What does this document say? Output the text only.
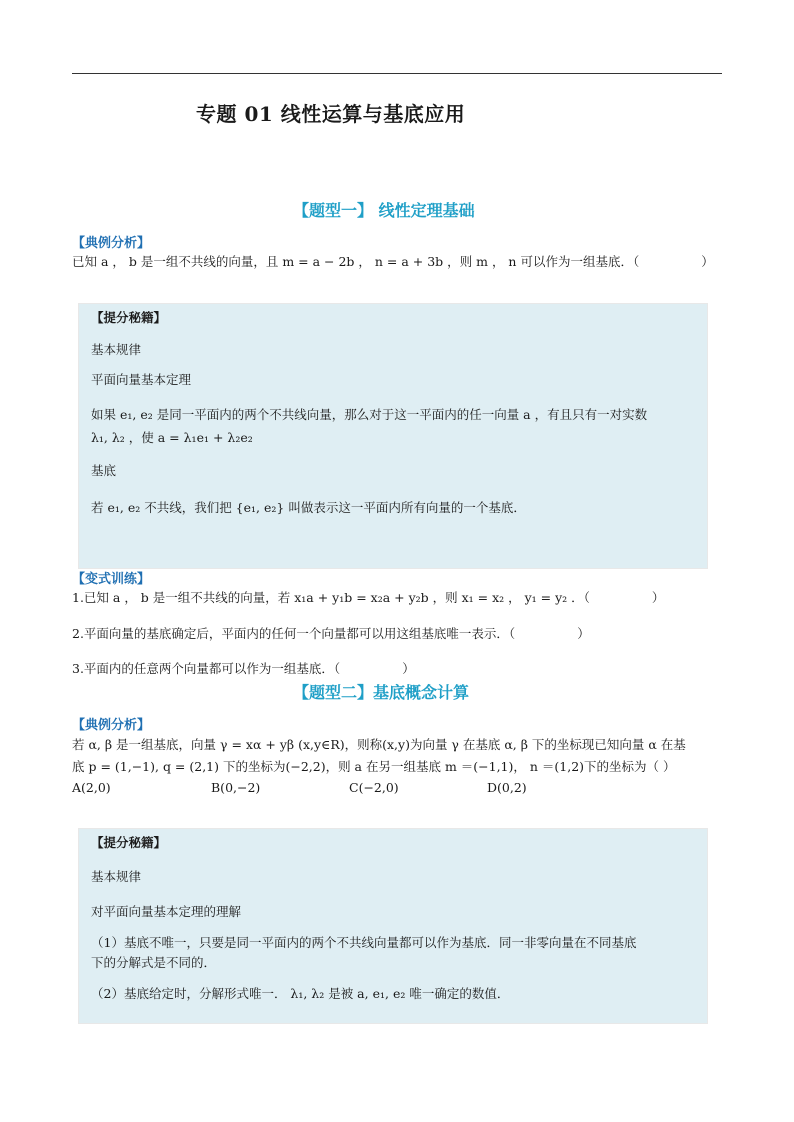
专题 01 线性运算与基底应用
【题型一】 线性定理基础
【典例分析】
已知 a ， b 是一组不共线的向量，且 m = a − 2b ， n = a + 3b ，则 m ， n 可以作为一组基底．（	）
【提分秘籍】
基本规律
平面向量基本定理
如果 e₁, e₂ 是同一平面内的两个不共线向量，那么对于这一平面内的任一向量 a ，有且只有一对实数
λ₁, λ₂ ，使 a = λ₁e₁ + λ₂e₂
基底
若 e₁, e₂ 不共线，我们把 {e₁, e₂} 叫做表示这一平面内所有向量的一个基底．
【变式训练】
1.已知 a ， b 是一组不共线的向量，若 x₁a + y₁b = x₂a + y₂b ，则 x₁ = x₂ ， y₁ = y₂ ．（	）
2.平面向量的基底确定后，平面内的任何一个向量都可以用这组基底唯一表示．（	）
3.平面内的任意两个向量都可以作为一组基底．（	）
【题型二】基底概念计算
【典例分析】
若 α, β 是一组基底，向量 γ = xα + yβ (x,y∈R)，则称(x,y)为向量 γ 在基底 α, β 下的坐标现已知向量 α 在基
底 p = (1,−1), q = (2,1) 下的坐标为(−2,2)，则 a 在另一组基底 m ＝(−1,1)， n ＝(1,2)下的坐标为（ ）
A(2,0)	B(0,−2)	C(−2,0)	D(0,2)
【提分秘籍】
基本规律
对平面向量基本定理的理解
（1）基底不唯一，只要是同一平面内的两个不共线向量都可以作为基底．同一非零向量在不同基底
下的分解式是不同的．
（2）基底给定时，分解形式唯一． λ₁, λ₂ 是被 a, e₁, e₂ 唯一确定的数值．
